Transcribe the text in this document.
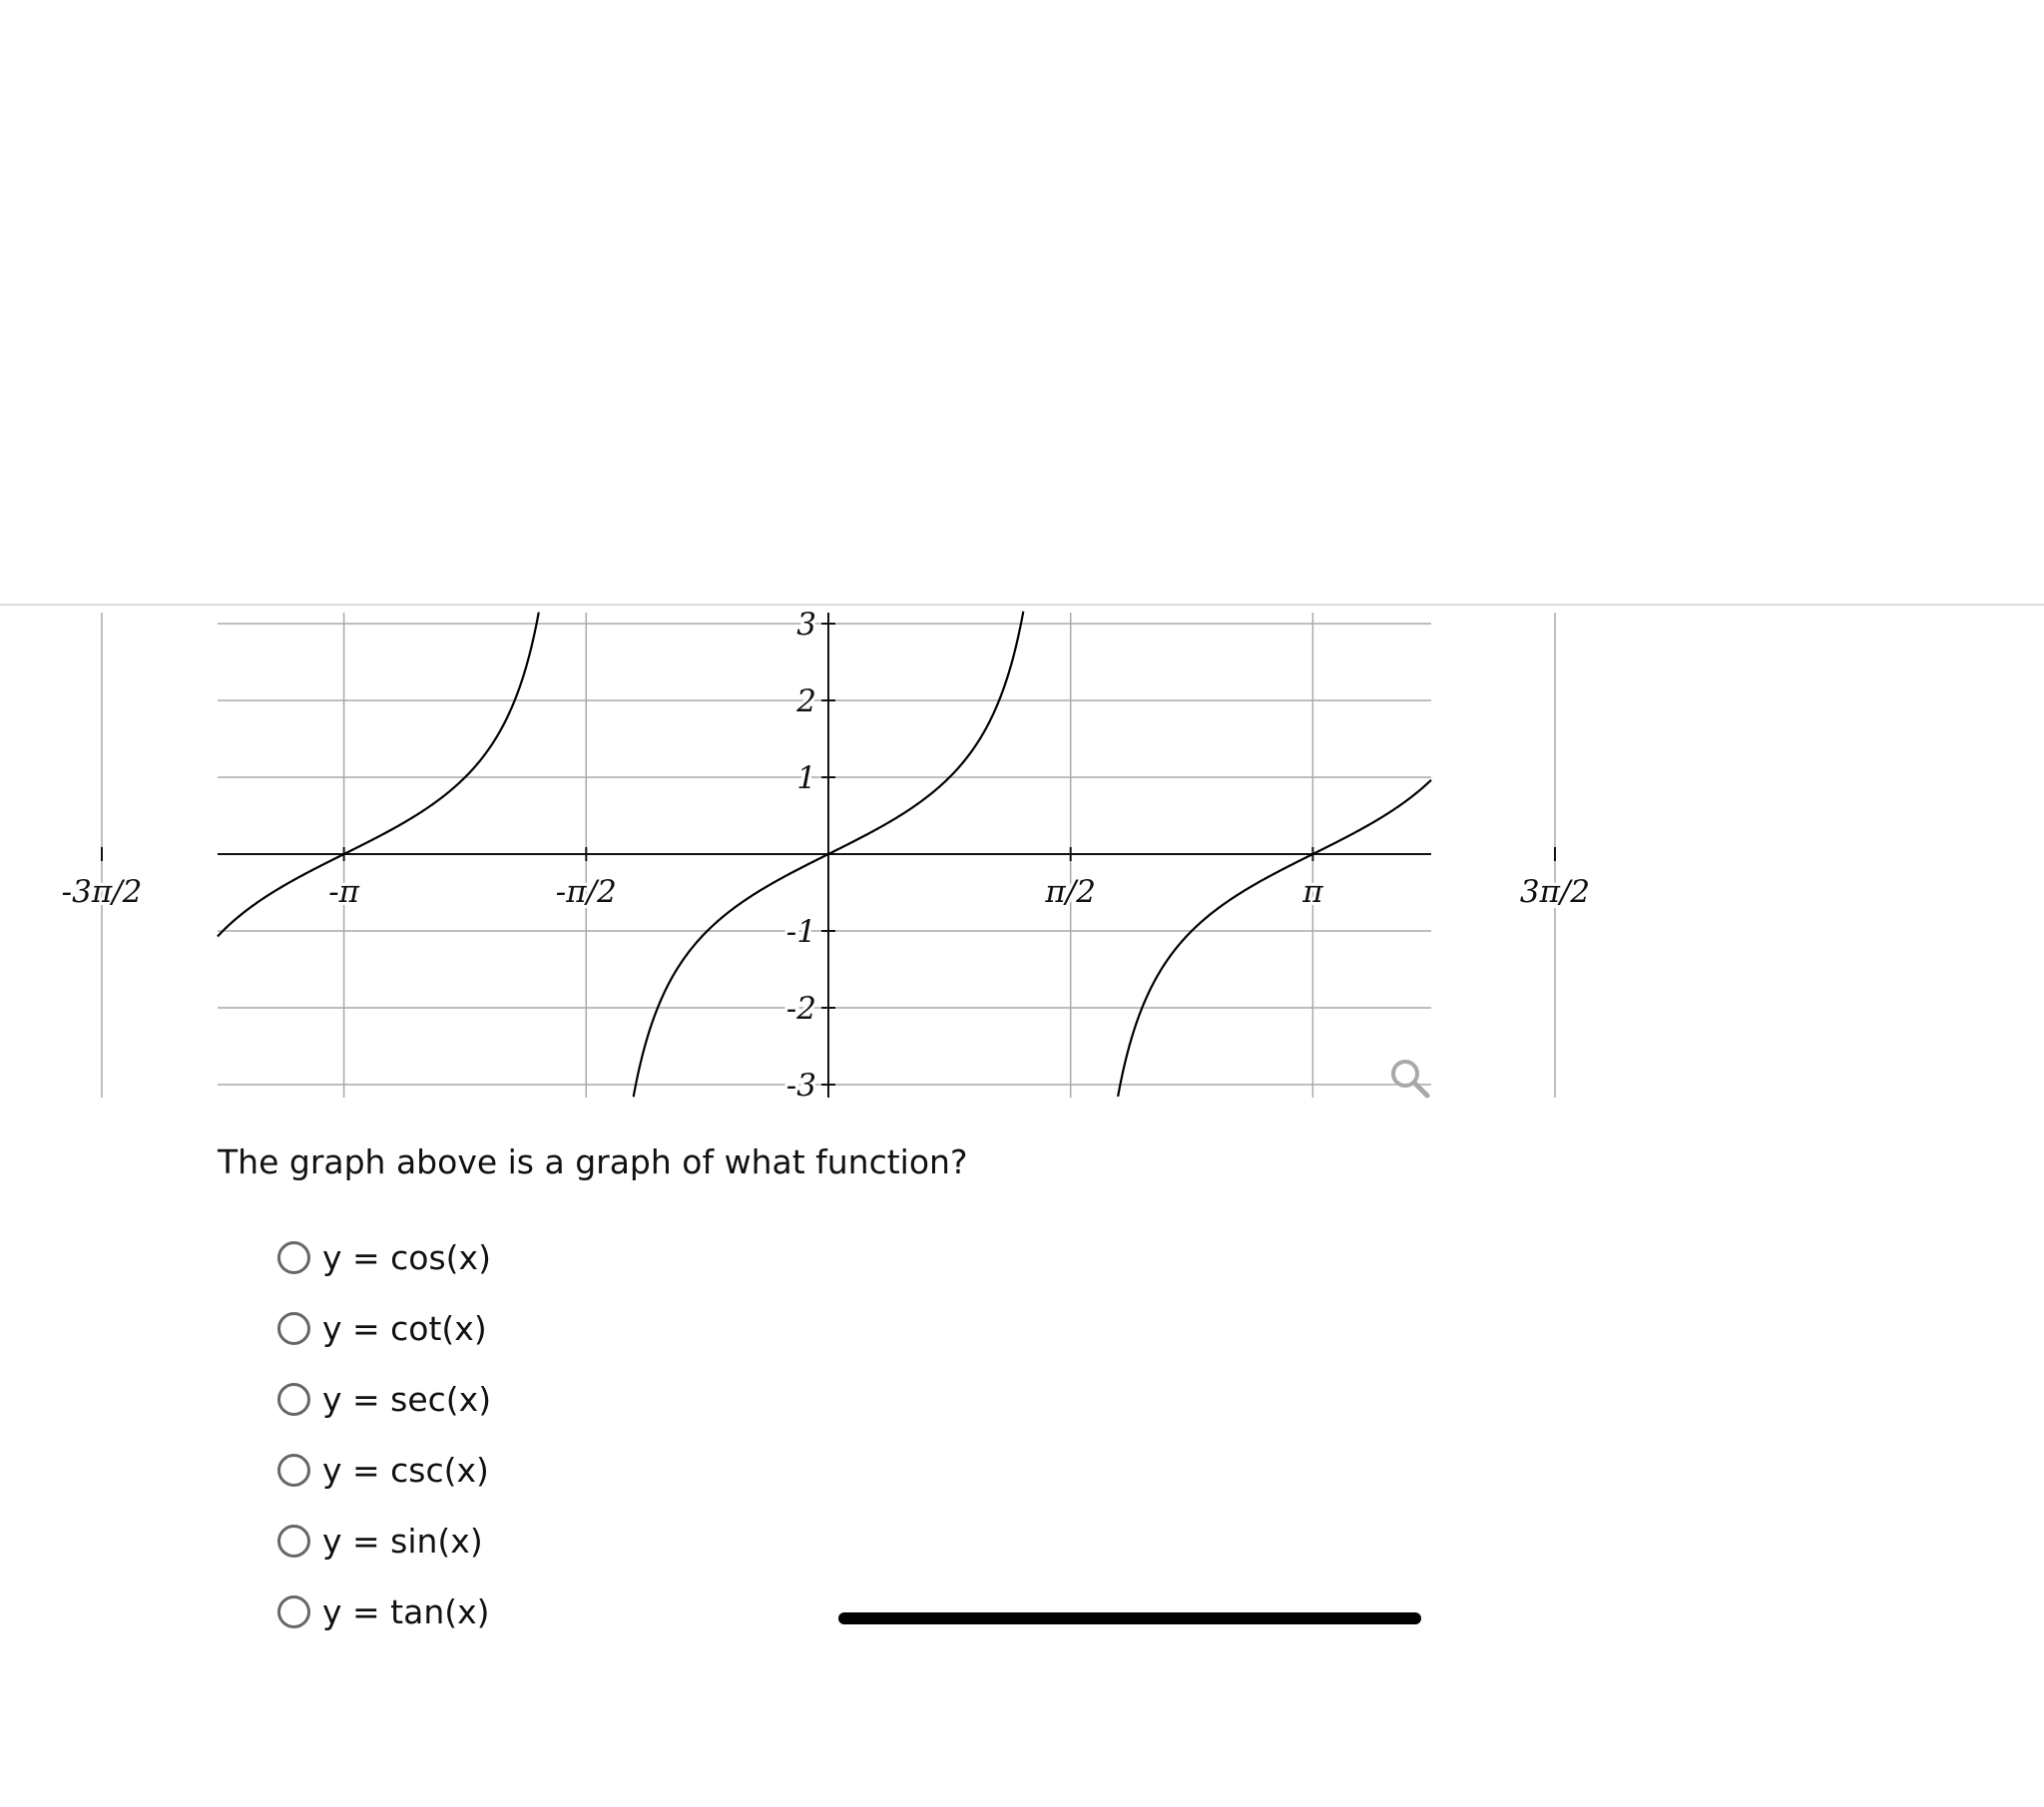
-3π/2	-π	-π/2	π/2	π	3π/2
3
2
1
-1
-2
-3

The graph above is a graph of what function?

y = cos(x)
y = cot(x)
y = sec(x)
y = csc(x)
y = sin(x)
y = tan(x)
